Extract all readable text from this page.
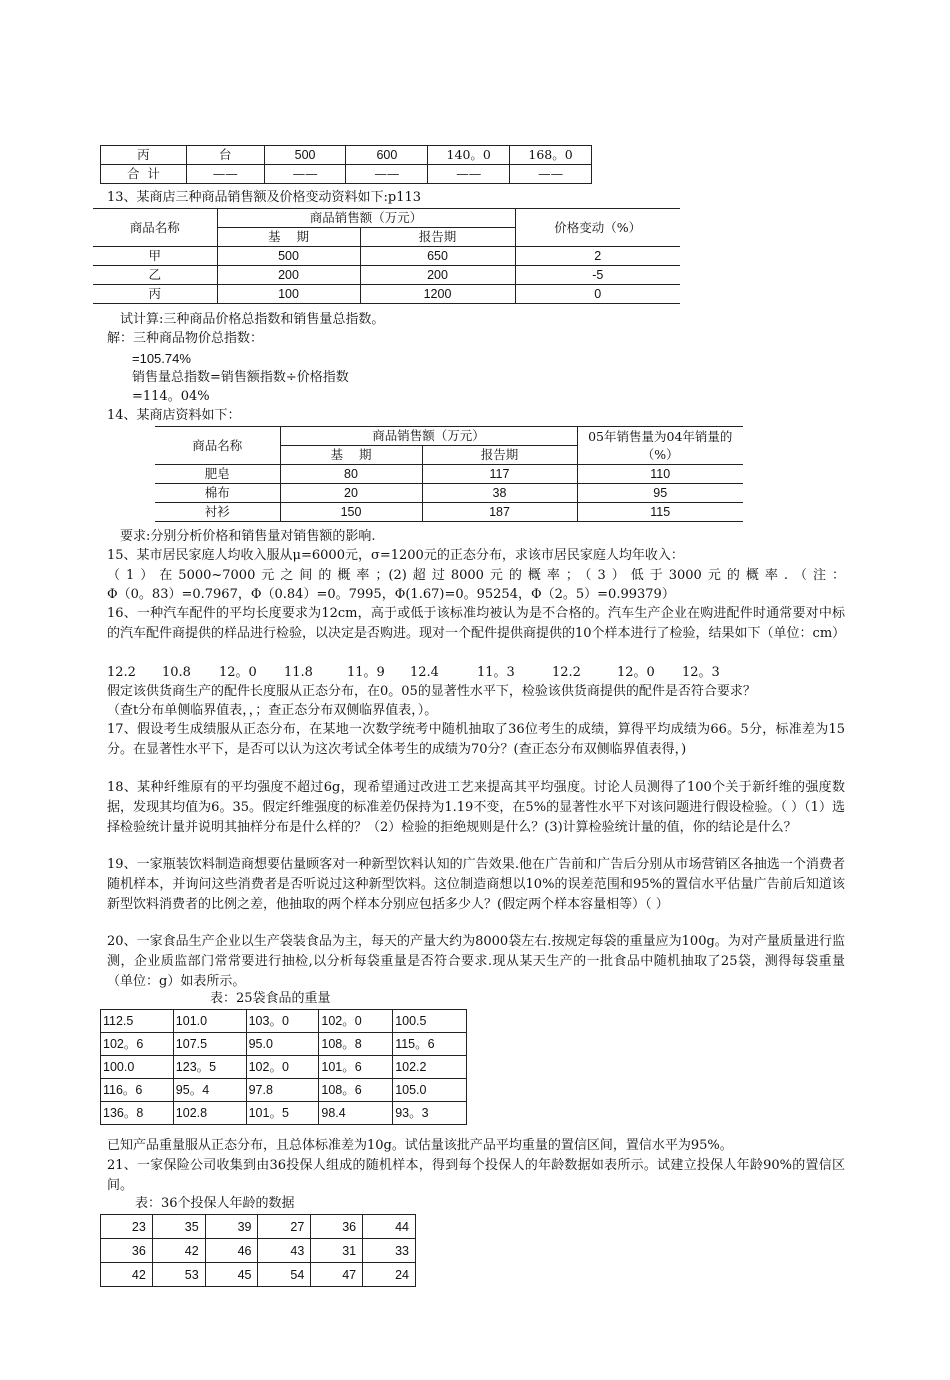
丙	台	500	600	140。0	168。0
合  计	——	——	——	——	——
13、某商店三种商品销售额及价格变动资料如下:p113
商品名称	商品销售额（万元）		价格变动（%）
	基    期	报告期	
甲	500	650	2
乙	200	200	-5
丙	100	1200	0
试计算:三种商品价格总指数和销售量总指数。
解：三种商品物价总指数：
=105.74%
销售量总指数=销售额指数÷价格指数
=114。04%
14、某商店资料如下：
商品名称	商品销售额（万元）		05年销售量为04年销量的（%）
	基    期	报告期	
肥皂	80	117	110
棉布	20	38	95
衬衫	150	187	115
要求:分别分析价格和销售量对销售额的影响.
15、某市居民家庭人均收入服从μ=6000元，σ=1200元的正态分布，求该市居民家庭人均年收入：
（1）在5000~7000元之间的概率；(2)超过8000元的概率；（3）低于3000元的概率.（注：
Φ（0。83）=0.7967，Φ（0.84）=0。7995，Φ(1.67)=0。95254，Φ（2。5）=0.99379）
16、一种汽车配件的平均长度要求为12cm，高于或低于该标准均被认为是不合格的。汽车生产企业在购进配件时通常要对中标的汽车配件商提供的样品进行检验，以决定是否购进。现对一个配件提供商提供的10个样本进行了检验，结果如下（单位：cm）
12.2 10.8 12。0 11.8	11。9 12.4	11。3	12.2	12。0 12。3
假定该供货商生产的配件长度服从正态分布，在0。05的显著性水平下，检验该供货商提供的配件是否符合要求？
（查t分布单侧临界值表，，；查正态分布双侧临界值表，）。
17、假设考生成绩服从正态分布，在某地一次数学统考中随机抽取了36位考生的成绩，算得平均成绩为66。5分，标准差为15分。在显著性水平下，是否可以认为这次考试全体考生的成绩为70分？(查正态分布双侧临界值表得，)
18、某种纤维原有的平均强度不超过6g，现希望通过改进工艺来提高其平均强度。讨论人员测得了100个关于新纤维的强度数据，发现其均值为6。35。假定纤维强度的标准差仍保持为1.19不变，在5%的显著性水平下对该问题进行假设检验。（ ）（1）选择检验统计量并说明其抽样分布是什么样的？（2）检验的拒绝规则是什么？(3)计算检验统计量的值，你的结论是什么？
19、一家瓶装饮料制造商想要估量顾客对一种新型饮料认知的广告效果.他在广告前和广告后分别从市场营销区各抽选一个消费者随机样本，并询问这些消费者是否听说过这种新型饮料。这位制造商想以10%的误差范围和95%的置信水平估量广告前后知道该新型饮料消费者的比例之差，他抽取的两个样本分别应包括多少人？(假定两个样本容量相等）（ ）
20、一家食品生产企业以生产袋装食品为主，每天的产量大约为8000袋左右.按规定每袋的重量应为100g。为对产量质量进行监测，企业质监部门常常要进行抽检,以分析每袋重量是否符合要求.现从某天生产的一批食品中随机抽取了25袋，测得每袋重量（单位：g）如表所示。
表：25袋食品的重量
112.5	101.0	103。0	102。0	100.5
102。6	107.5	95.0	108。8	115。6
100.0	123。5	102。0	101。6	102.2
116。6	95。4	97.8	108。6	105.0
136。8	102.8	101。5	98.4	93。3
已知产品重量服从正态分布，且总体标准差为10g。试估量该批产品平均重量的置信区间，置信水平为95%。
21、一家保险公司收集到由36投保人组成的随机样本，得到每个投保人的年龄数据如表所示。试建立投保人年龄90%的置信区间。
表：36个投保人年龄的数据
23	35	39	27	36	44
36	42	46	43	31	33
42	53	45	54	47	24
